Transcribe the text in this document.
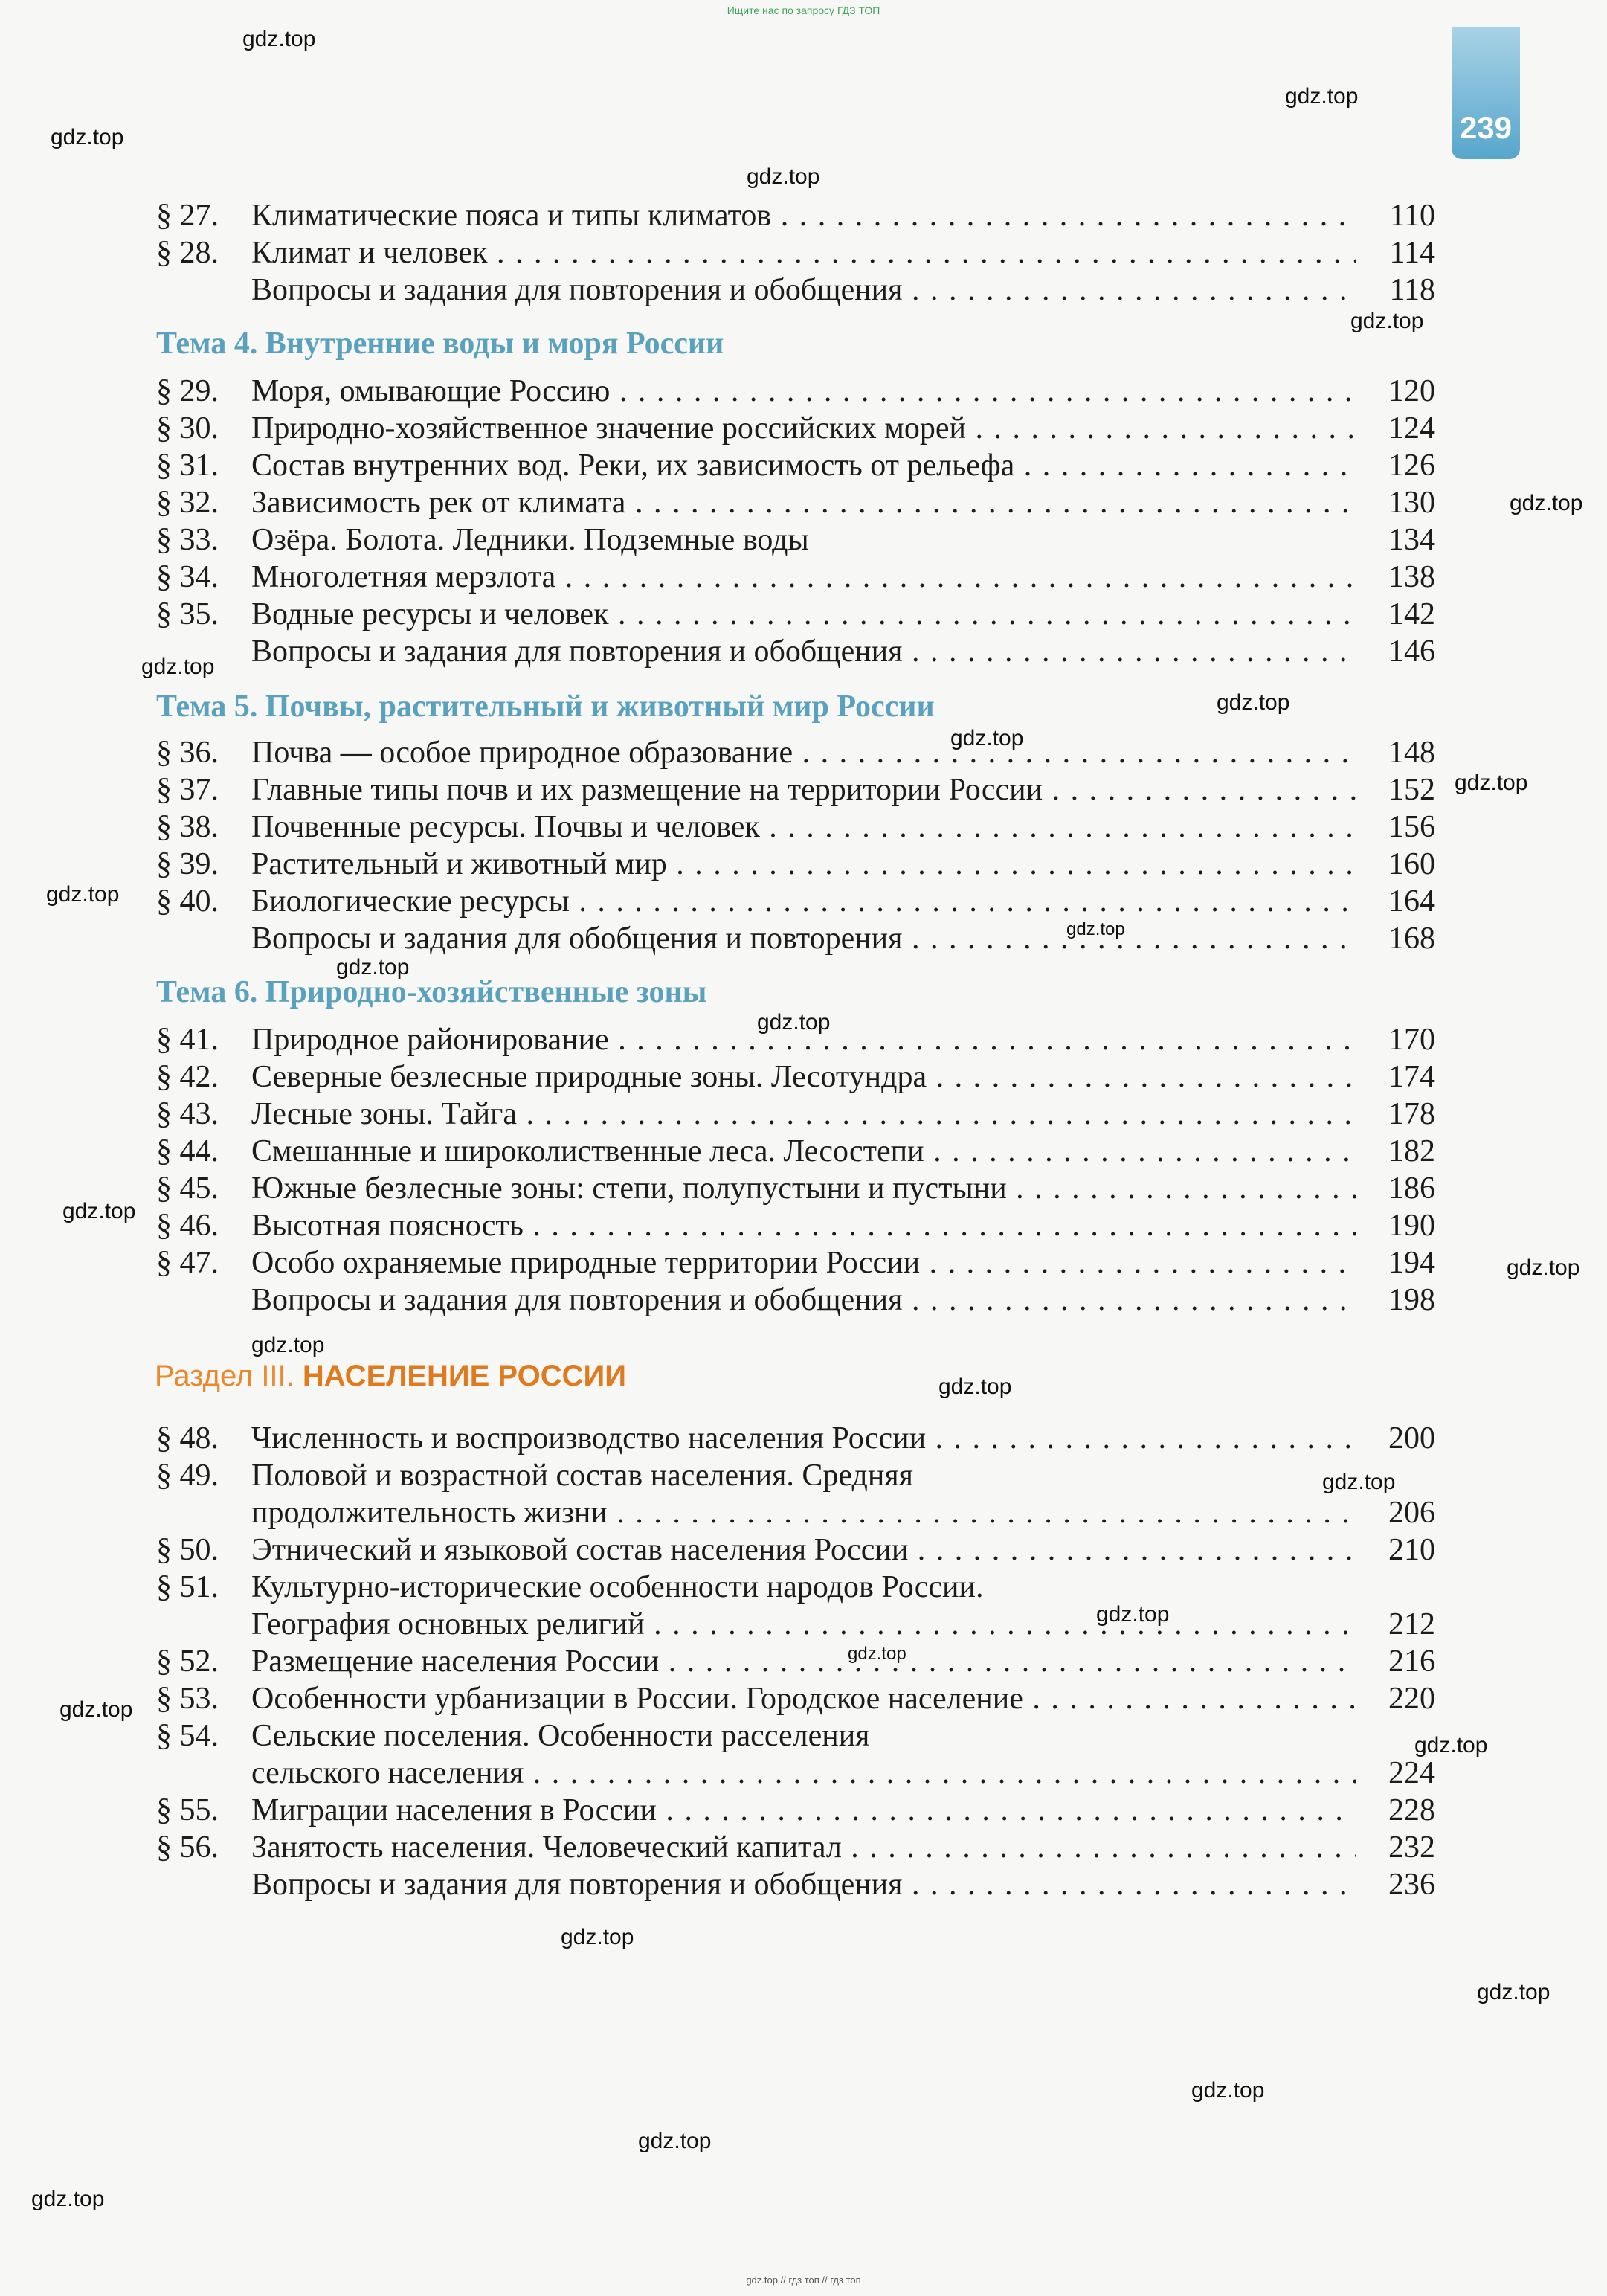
Ищите нас по запросу ГДЗ ТОП
239
gdz.top
gdz.top
gdz.top
gdz.top
gdz.top
gdz.top
gdz.top
gdz.top
gdz.top
gdz.top
gdz.top
gdz.top
gdz.top
gdz.top
gdz.top
gdz.top
gdz.top
gdz.top
gdz.top
gdz.top
gdz.top
gdz.top
gdz.top
gdz.top
gdz.top
gdz.top
gdz.top
gdz.top
Тема 4. Внутренние воды и моря России
Тема 5. Почвы, растительный и животный мир России
Тема 6. Природно-хозяйственные зоны
Раздел III. НАСЕЛЕНИЕ РОССИИ
§ 27. Климатические пояса и типы климатов . . .	110
§ 28. Климат и человек . . .	114
Вопросы и задания для повторения и обобщения . . .	118
§ 29. Моря, омывающие Россию . . .	120
§ 30. Природно-хозяйственное значение российских морей . . .	124
§ 31. Состав внутренних вод. Реки, их зависимость от рельефа . . .	126
§ 32. Зависимость рек от климата . . .	130
§ 33. Озёра. Болота. Ледники. Подземные воды	134
§ 34. Многолетняя мерзлота . . .	138
§ 35. Водные ресурсы и человек . . .	142
Вопросы и задания для повторения и обобщения . . .	146
§ 36. Почва — особое природное образование . . .	148
§ 37. Главные типы почв и их размещение на территории России . . .	152
§ 38. Почвенные ресурсы. Почвы и человек . . .	156
§ 39. Растительный и животный мир . . .	160
§ 40. Биологические ресурсы . . .	164
Вопросы и задания для обобщения и повторения . . .	168
§ 41. Природное районирование . . .	170
§ 42. Северные безлесные природные зоны. Лесотундра . . .	174
§ 43. Лесные зоны. Тайга . . .	178
§ 44. Смешанные и широколиственные леса. Лесостепи . . .	182
§ 45. Южные безлесные зоны: степи, полупустыни и пустыни . . .	186
§ 46. Высотная поясность . . .	190
§ 47. Особо охраняемые природные территории России . . .	194
Вопросы и задания для повторения и обобщения . . .	198
§ 48. Численность и воспроизводство населения России . . .	200
§ 49. Половой и возрастной состав населения. Средняя
продолжительность жизни . . .	206
§ 50. Этнический и языковой состав населения России . . .	210
§ 51. Культурно-исторические особенности народов России.
География основных религий . . .	212
§ 52. Размещение населения России . . .	216
§ 53. Особенности урбанизации в России. Городское население . . .	220
§ 54. Сельские поселения. Особенности расселения
сельского населения . . .	224
§ 55. Миграции населения в России . . .	228
§ 56. Занятость населения. Человеческий капитал . . .	232
Вопросы и задания для повторения и обобщения . . .	236
gdz.top // гдз топ // гдз топ
